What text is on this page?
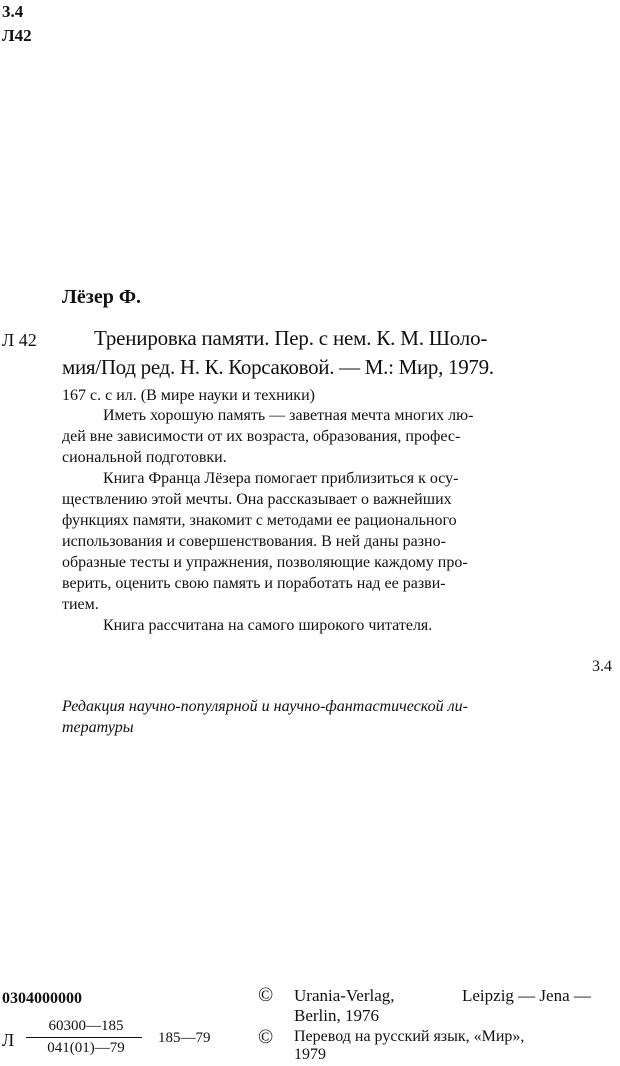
3.4
Л42
Лёзер Ф.
Л 42	Тренировка памяти. Пер. с нем. К. М. Шоло-
мия/Под ред. Н. К. Корсаковой. — М.: Мир, 1979.
167 с. с ил. (В мире науки и техники)
Иметь хорошую память — заветная мечта многих лю-
дей вне зависимости от их возраста, образования, профес-
сиональной подготовки.
Книга Франца Лёзера помогает приблизиться к осу-
ществлению этой мечты. Она рассказывает о важнейших
функциях памяти, знакомит с методами ее рационального
использования и совершенствования. В ней даны разно-
образные тесты и упражнения, позволяющие каждому про-
верить, оценить свою память и поработать над ее разви-
тием.
Книга рассчитана на самого широкого читателя.
3.4
Редакция научно-популярной и научно-фантастической ли-
тературы
0304000000
Л
60300—185
041(01)—79
185—79
© Urania-Verlag,	Leipzig — Jena —
Berlin, 1976
© Перевод на русский язык, «Мир»,
1979
